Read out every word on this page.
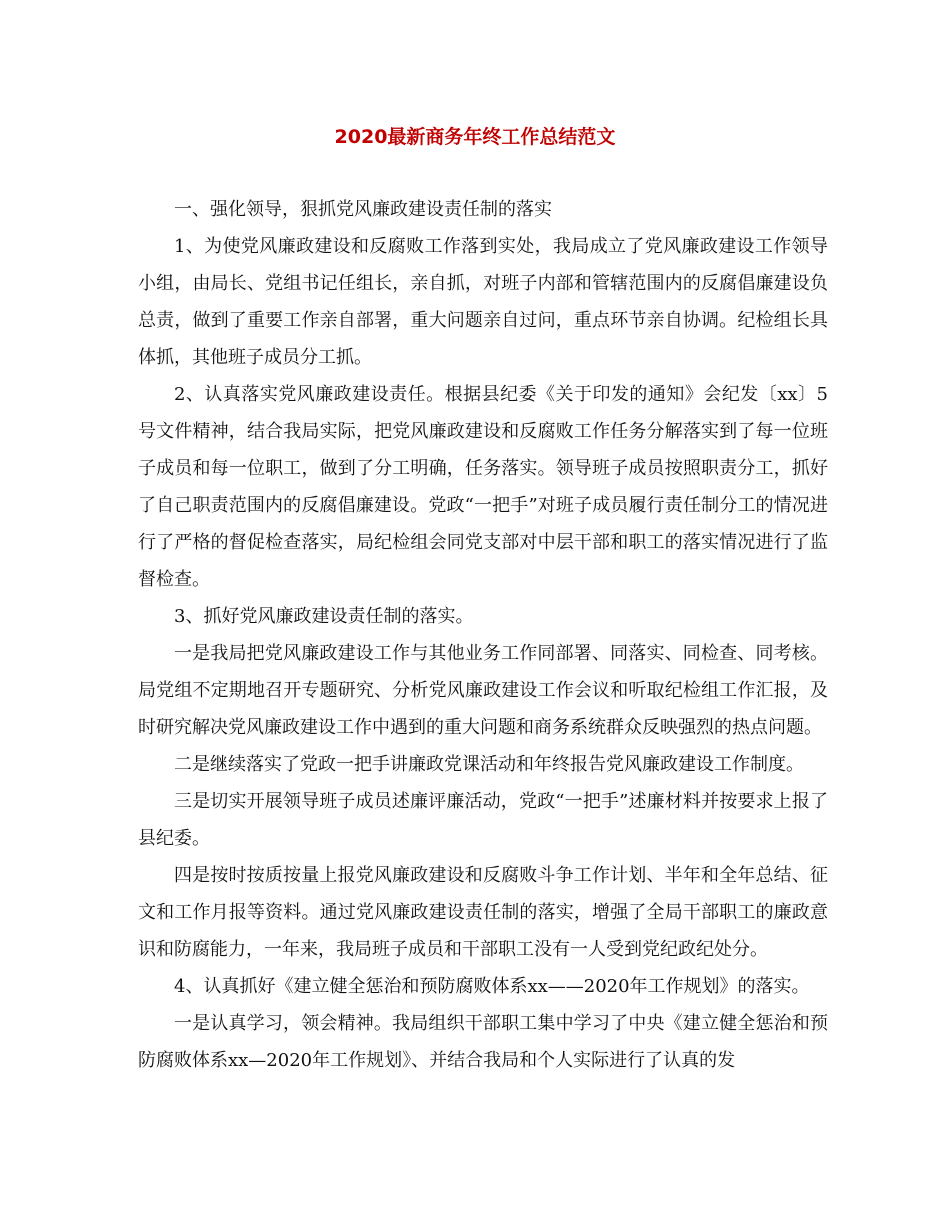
2020最新商务年终工作总结范文

一、强化领导，狠抓党风廉政建设责任制的落实

1、为使党风廉政建设和反腐败工作落到实处，我局成立了党风廉政建设工作领导小组，由局长、党组书记任组长，亲自抓，对班子内部和管辖范围内的反腐倡廉建设负总责，做到了重要工作亲自部署，重大问题亲自过问，重点环节亲自协调。纪检组长具体抓，其他班子成员分工抓。

2、认真落实党风廉政建设责任。根据县纪委《关于印发的通知》会纪发〔xx〕5号文件精神，结合我局实际，把党风廉政建设和反腐败工作任务分解落实到了每一位班子成员和每一位职工，做到了分工明确，任务落实。领导班子成员按照职责分工，抓好了自己职责范围内的反腐倡廉建设。党政“一把手”对班子成员履行责任制分工的情况进行了严格的督促检查落实，局纪检组会同党支部对中层干部和职工的落实情况进行了监督检查。

3、抓好党风廉政建设责任制的落实。

一是我局把党风廉政建设工作与其他业务工作同部署、同落实、同检查、同考核。局党组不定期地召开专题研究、分析党风廉政建设工作会议和听取纪检组工作汇报，及时研究解决党风廉政建设工作中遇到的重大问题和商务系统群众反映强烈的热点问题。

二是继续落实了党政一把手讲廉政党课活动和年终报告党风廉政建设工作制度。

三是切实开展领导班子成员述廉评廉活动，党政“一把手”述廉材料并按要求上报了县纪委。

四是按时按质按量上报党风廉政建设和反腐败斗争工作计划、半年和全年总结、征文和工作月报等资料。通过党风廉政建设责任制的落实，增强了全局干部职工的廉政意识和防腐能力，一年来，我局班子成员和干部职工没有一人受到党纪政纪处分。

4、认真抓好《建立健全惩治和预防腐败体系xx——2020年工作规划》的落实。

一是认真学习，领会精神。我局组织干部职工集中学习了中央《建立健全惩治和预防腐败体系xx—2020年工作规划》、并结合我局和个人实际进行了认真的发
